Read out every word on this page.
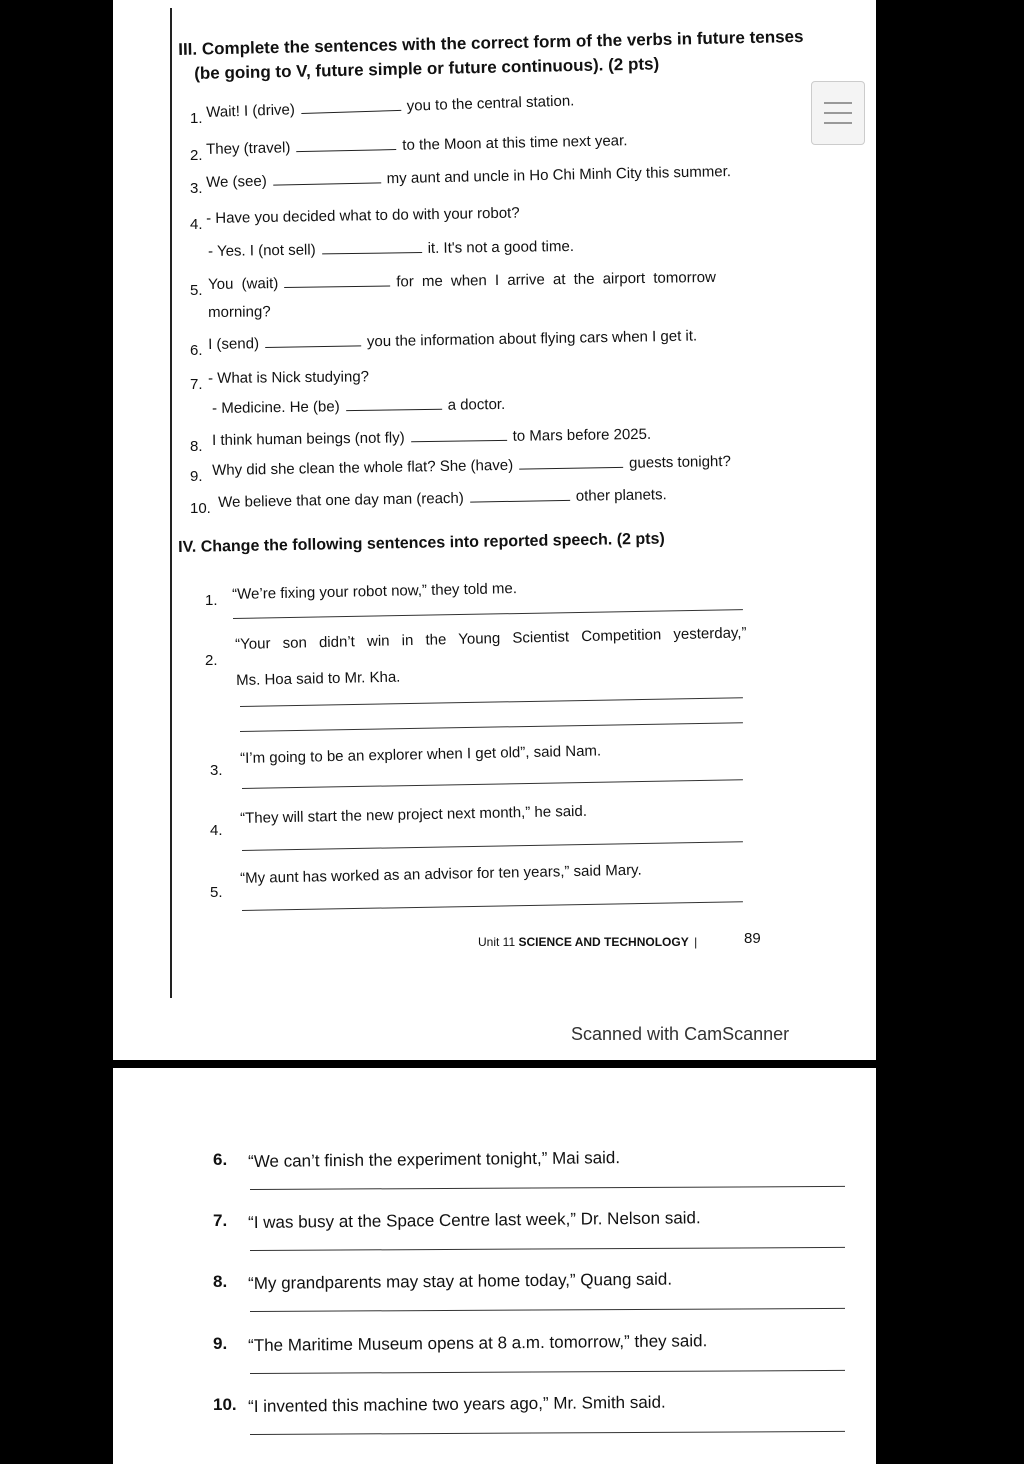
III. Complete the sentences with the correct form of the verbs in future tenses
(be going to V, future simple or future continuous). (2 pts)
1. Wait! I (drive)	you to the central station.
2. They (travel)	to the Moon at this time next year.
3. We (see)	my aunt and uncle in Ho Chi Minh City this summer.
4. - Have you decided what to do with your robot?
- Yes. I (not sell)	it. It's not a good time.
5. You (wait)	for me when I arrive at the airport tomorrow
morning?
6. I (send)	you the information about flying cars when I get it.
7. - What is Nick studying?
- Medicine. He (be)	a doctor.
8. I think human beings (not fly)	to Mars before 2025.
9. Why did she clean the whole flat? She (have)	guests tonight?
10. We believe that one day man (reach)	other planets.
IV. Change the following sentences into reported speech. (2 pts)
1. “We’re fixing your robot now,” they told me.
2.
“Your son didn’t win in the Young Scientist Competition yesterday,”
Ms. Hoa said to Mr. Kha.
3.
“I’m going to be an explorer when I get old”, said Nam.
4.
“They will start the new project next month,” he said.
5.
“My aunt has worked as an advisor for ten years,” said Mary.
Unit 11 SCIENCE AND TECHNOLOGY |	89
Scanned with CamScanner
6. “We can’t finish the experiment tonight,” Mai said.
7. “I was busy at the Space Centre last week,” Dr. Nelson said.
8. “My grandparents may stay at home today,” Quang said.
9. “The Maritime Museum opens at 8 a.m. tomorrow,” they said.
10. “I invented this machine two years ago,” Mr. Smith said.
